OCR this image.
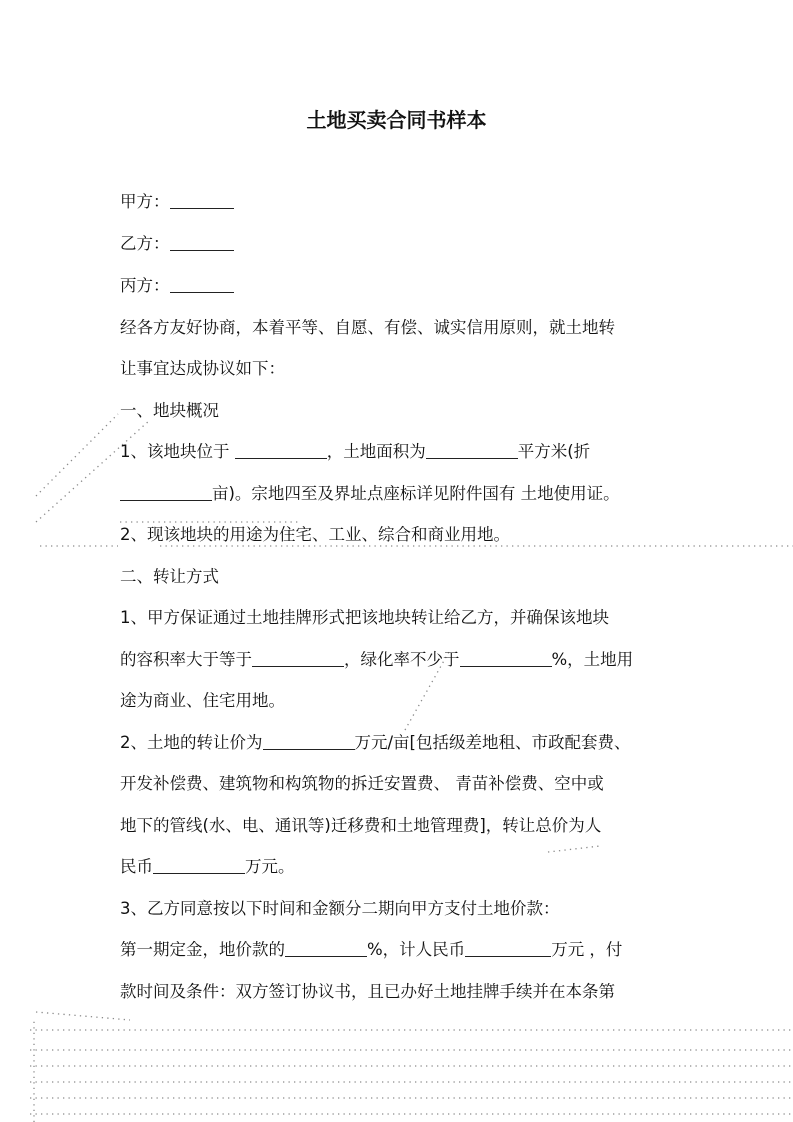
土地买卖合同书样本

甲方：

乙方：

丙方：

经各方友好协商，本着平等、自愿、有偿、诚实信用原则，就土地转

让事宜达成协议如下：

一、地块概况

1、该地块位于	，土地面积为	平方米(折

亩)。宗地四至及界址点座标详见附件国有 土地使用证。

2、现该地块的用途为住宅、工业、综合和商业用地。

二、转让方式

1、甲方保证通过土地挂牌形式把该地块转让给乙方，并确保该地块

的容积率大于等于	，绿化率不少于	%，土地用

途为商业、住宅用地。

2、土地的转让价为	万元/亩[包括级差地租、市政配套费、

开发补偿费、建筑物和构筑物的拆迁安置费、 青苗补偿费、空中或

地下的管线(水、电、通讯等)迁移费和土地管理费]，转让总价为人

民币	万元。

3、乙方同意按以下时间和金额分二期向甲方支付土地价款：

第一期定金，地价款的	%，计人民币	万元 ，付

款时间及条件：双方签订协议书，且已办好土地挂牌手续并在本条第
